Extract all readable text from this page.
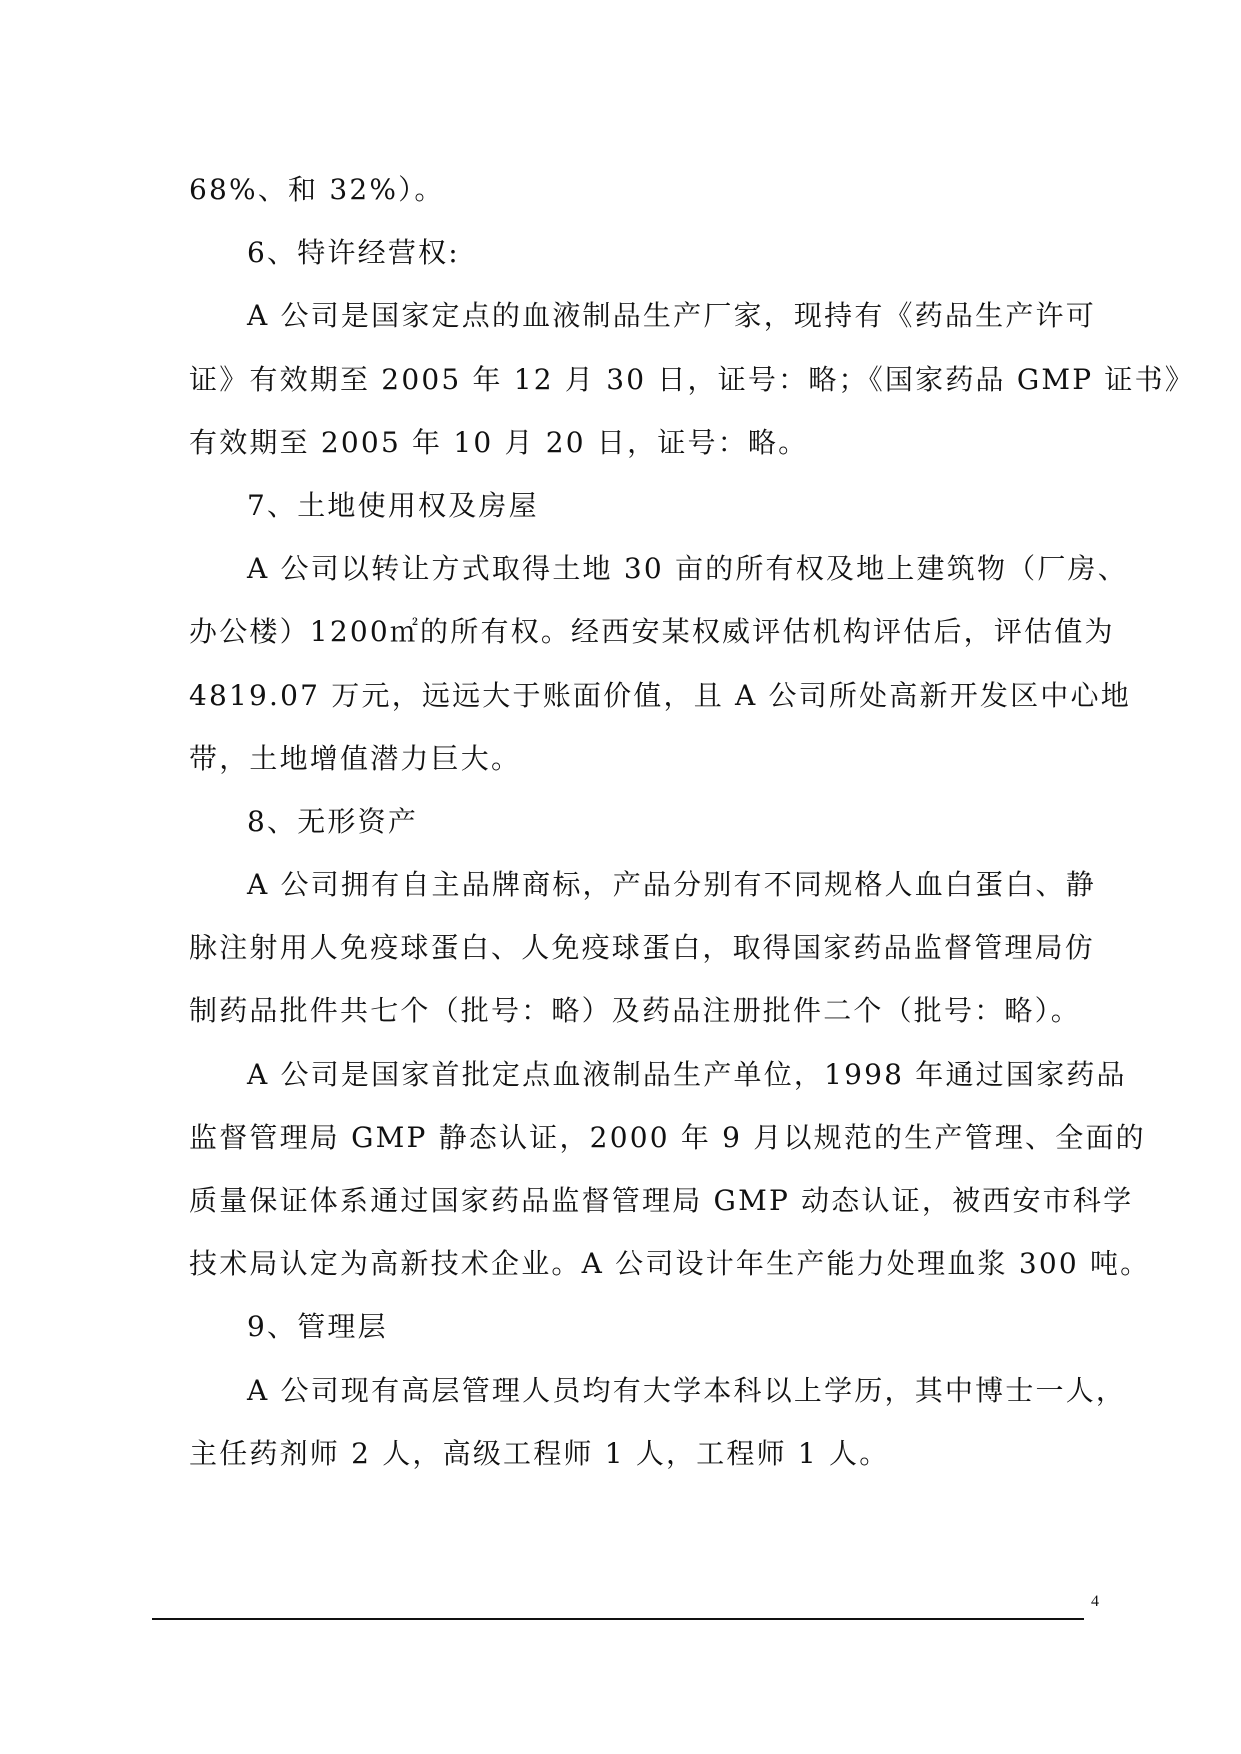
68%、和 32%）。
6、特许经营权:
A 公司是国家定点的血液制品生产厂家，现持有《药品生产许可
证》有效期至 2005 年 12 月 30 日，证号：略；《国家药品 GMP 证书》
有效期至 2005 年 10 月 20 日，证号：略。
7、土地使用权及房屋
A 公司以转让方式取得土地 30 亩的所有权及地上建筑物（厂房、
办公楼）1200㎡的所有权。经西安某权威评估机构评估后，评估值为
4819.07 万元，远远大于账面价值，且 A 公司所处高新开发区中心地
带，土地增值潜力巨大。
8、无形资产
A 公司拥有自主品牌商标，产品分别有不同规格人血白蛋白、静
脉注射用人免疫球蛋白、人免疫球蛋白，取得国家药品监督管理局仿
制药品批件共七个（批号：略）及药品注册批件二个（批号：略）。
A 公司是国家首批定点血液制品生产单位，1998 年通过国家药品
监督管理局 GMP 静态认证，2000 年 9 月以规范的生产管理、全面的
质量保证体系通过国家药品监督管理局 GMP 动态认证，被西安市科学
技术局认定为高新技术企业。A 公司设计年生产能力处理血浆 300 吨。
9、管理层
A 公司现有高层管理人员均有大学本科以上学历，其中博士一人，
主任药剂师 2 人，高级工程师 1 人，工程师 1 人。
4
